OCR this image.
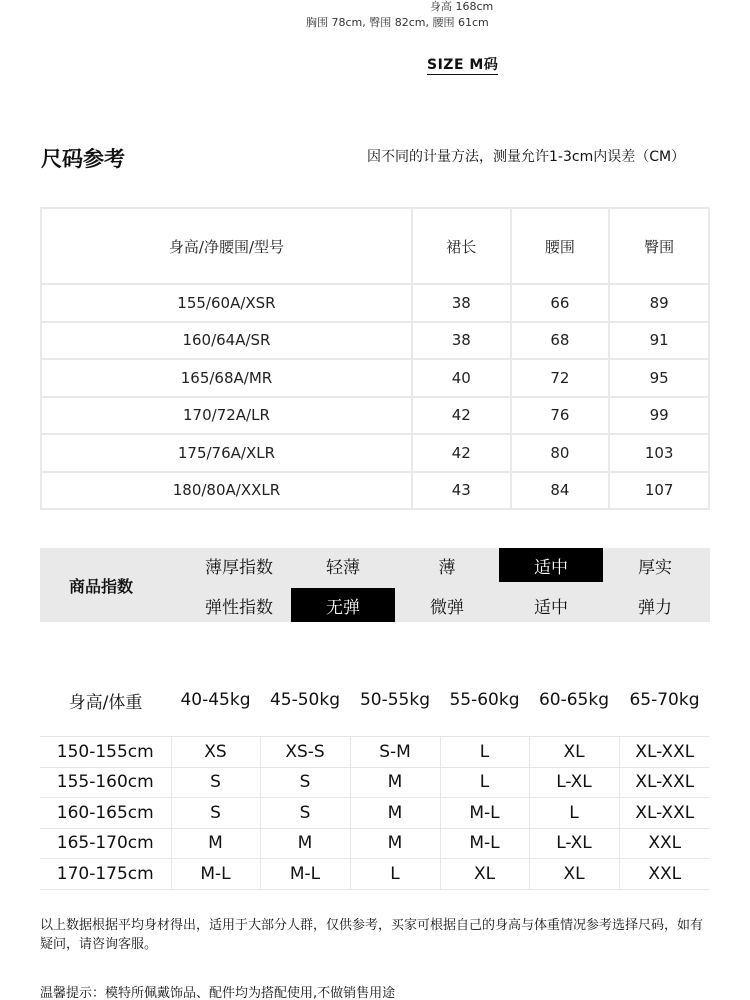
身高 168cm
胸围 78cm, 臀围 82cm, 腰围 61cm
SIZE M码
尺码参考	因不同的计量方法，测量允许1-3cm内误差（CM）
身高/净腰围/型号	裙长	腰围	臀围
155/60A/XSR	38	66	89
160/64A/SR	38	68	91
165/68A/MR	40	72	95
170/72A/LR	42	76	99
175/76A/XLR	42	80	103
180/80A/XXLR	43	84	107
商品指数
薄厚指数	轻薄	薄	适中	厚实
弹性指数	无弹	微弹	适中	弹力
身高/体重	40-45kg	45-50kg	50-55kg	55-60kg	60-65kg	65-70kg
150-155cm	XS	XS-S	S-M	L	XL	XL-XXL
155-160cm	S	S	M	L	L-XL	XL-XXL
160-165cm	S	S	M	M-L	L	XL-XXL
165-170cm	M	M	M	M-L	L-XL	XXL
170-175cm	M-L	M-L	L	XL	XL	XXL
以上数据根据平均身材得出，适用于大部分人群，仅供参考，买家可根据自己的身高与体重情况参考选择尺码，如有疑问，请咨询客服。
温馨提示：模特所佩戴饰品、配件均为搭配使用,不做销售用途
